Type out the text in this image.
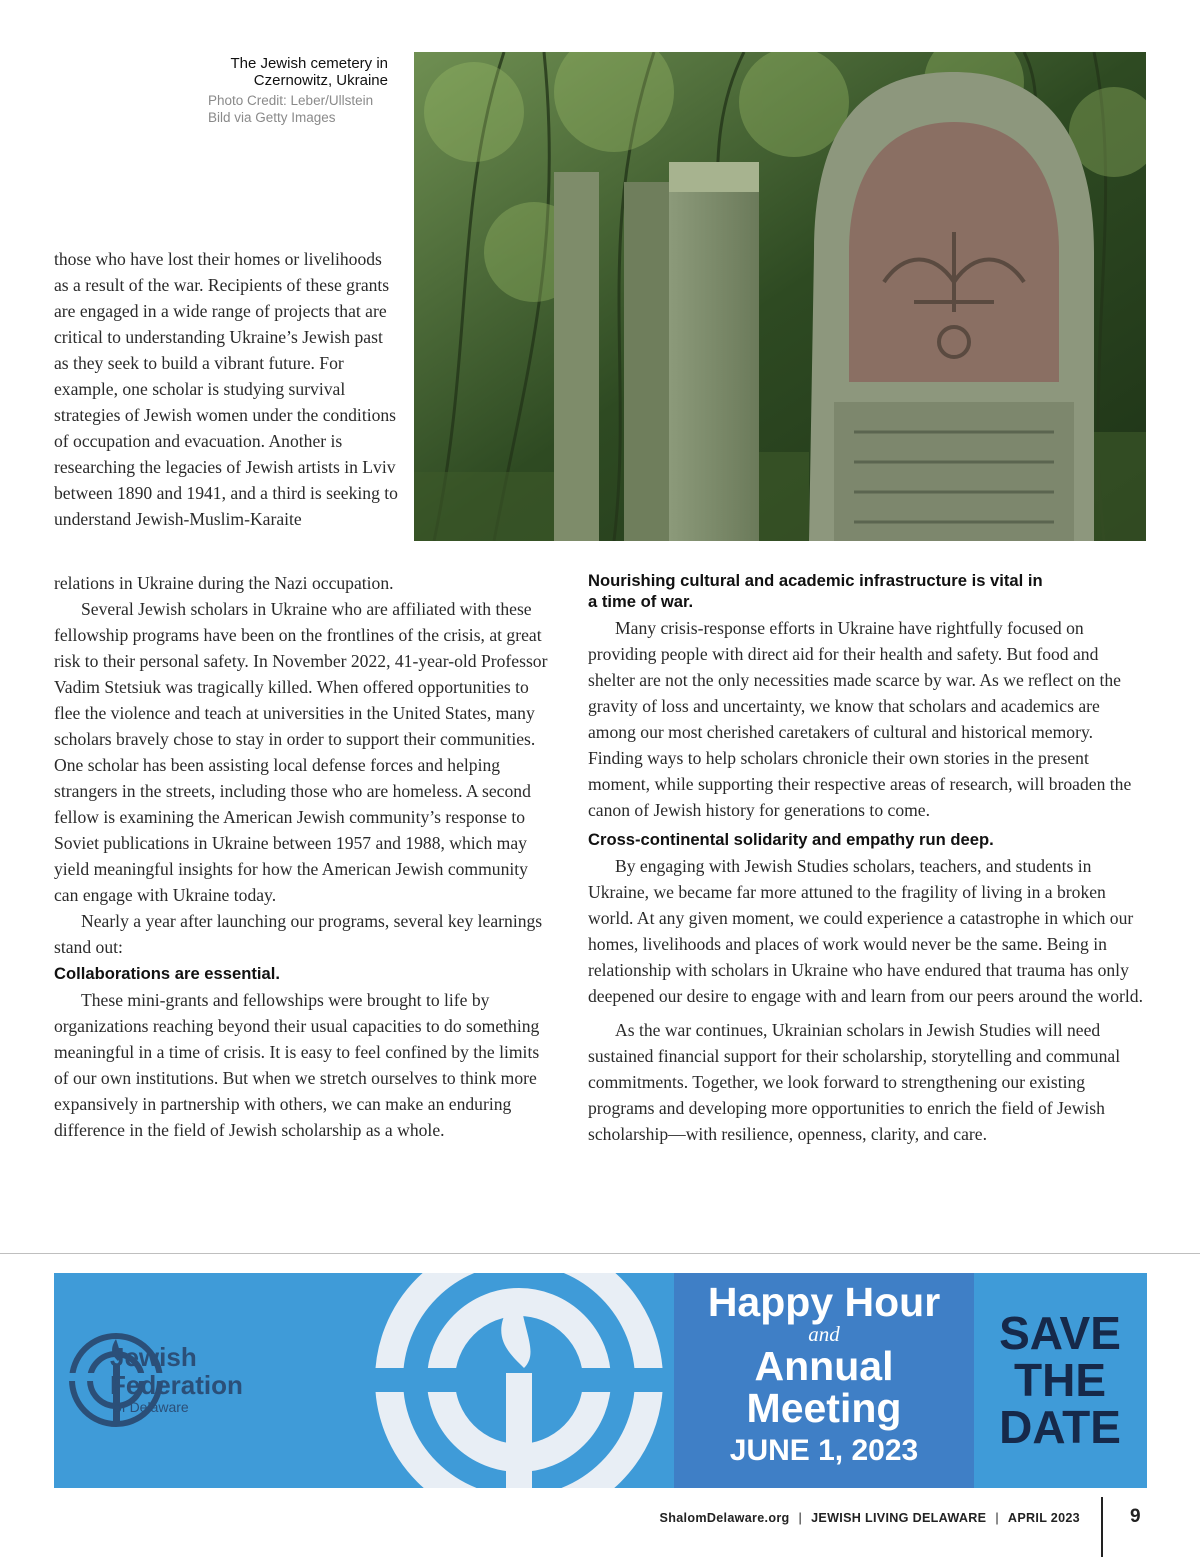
The Jewish cemetery in Czernowitz, Ukraine

Photo Credit: Leber/Ullstein Bild via Getty Images

those who have lost their homes or livelihoods as a result of the war. Recipients of these grants are engaged in a wide range of projects that are critical to understanding Ukraine’s Jewish past as they seek to build a vibrant future. For example, one scholar is studying survival strategies of Jewish women under the conditions of occupation and evacuation. Another is researching the legacies of Jewish artists in Lviv between 1890 and 1941, and a third is seeking to understand Jewish-Muslim-Karaite

relations in Ukraine during the Nazi occupation.

Several Jewish scholars in Ukraine who are affiliated with these fellowship programs have been on the frontlines of the crisis, at great risk to their personal safety. In November 2022, 41-year-old Professor Vadim Stetsiuk was tragically killed. When offered opportunities to flee the violence and teach at universities in the United States, many scholars bravely chose to stay in order to support their communities. One scholar has been assisting local defense forces and helping strangers in the streets, including those who are homeless. A second fellow is examining the American Jewish community’s response to Soviet publications in Ukraine between 1957 and 1988, which may yield meaningful insights for how the American Jewish community can engage with Ukraine today.

Nearly a year after launching our programs, several key learnings stand out:

Collaborations are essential.

These mini-grants and fellowships were brought to life by organizations reaching beyond their usual capacities to do something meaningful in a time of crisis. It is easy to feel confined by the limits of our own institutions. But when we stretch ourselves to think more expansively in partnership with others, we can make an enduring difference in the field of Jewish scholarship as a whole.

Nourishing cultural and academic infrastructure is vital in a time of war.

Many crisis-response efforts in Ukraine have rightfully focused on providing people with direct aid for their health and safety. But food and shelter are not the only necessities made scarce by war. As we reflect on the gravity of loss and uncertainty, we know that scholars and academics are among our most cherished caretakers of cultural and historical memory. Finding ways to help scholars chronicle their own stories in the present moment, while supporting their respective areas of research, will broaden the canon of Jewish history for generations to come.

Cross-continental solidarity and empathy run deep.

By engaging with Jewish Studies scholars, teachers, and students in Ukraine, we became far more attuned to the fragility of living in a broken world. At any given moment, we could experience a catastrophe in which our homes, livelihoods and places of work would never be the same. Being in relationship with scholars in Ukraine who have endured that trauma has only deepened our desire to engage with and learn from our peers around the world.

As the war continues, Ukrainian scholars in Jewish Studies will need sustained financial support for their scholarship, storytelling and communal commitments. Together, we look forward to strengthening our existing programs and developing more opportunities to enrich the field of Jewish scholarship—with resilience, openness, clarity, and care.

Jewish

Federation

of Delaware

Happy Hour

and

Annual

Meeting

JUNE 1, 2023

SAVE
THE
DATE
ShalomDelaware.org | JEWISH LIVING DELAWARE | APRIL 2023	9
